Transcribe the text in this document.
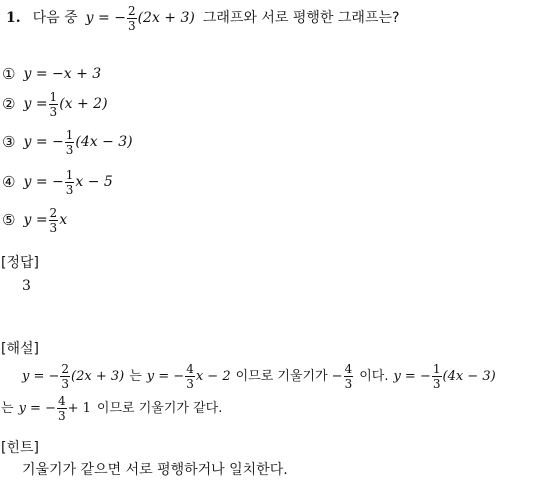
1. 다음 중 y = − $\frac{2}{3} (2x + 3)$ 그래프와 서로 평행한 그래프는?
① y = −x + 3
② $y = \frac{1}{3} (x + 2)$
③ y = − $\frac{1}{3} (4x - 3)$
④ y = − $\frac{1}{3}$ x − 5
⑤ $y = \frac{2}{3}$ x
[정답]
3
[해설]
y = − $\frac{2}{3} (2x + 3)$ 는 y = − $\frac{4}{3}$ x − 2 이므로 기울기가 − $\frac{4}{3}$ 이다. y = − $\frac{1}{3} (4x - 3)$
는 y = − $\frac{4}{3} + 1$ 이므로 기울기가 같다.
[힌트]
기울기가 같으면 서로 평행하거나 일치한다.
